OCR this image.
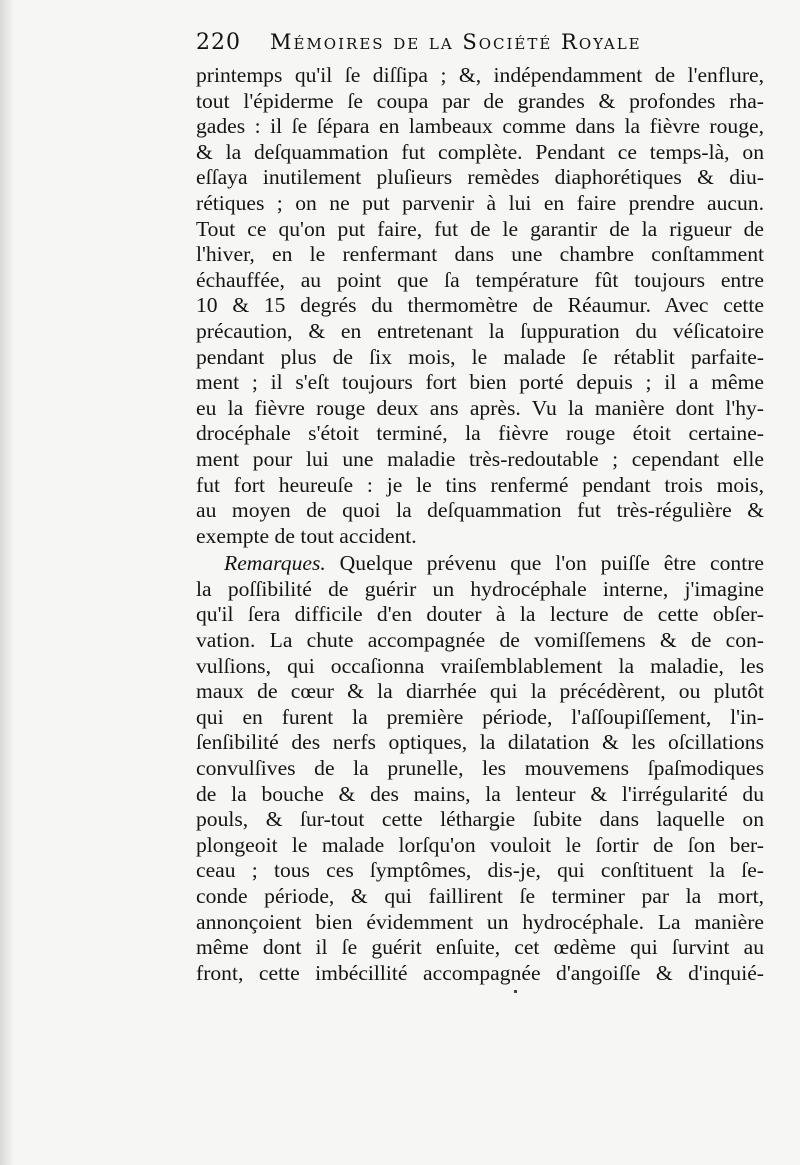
220 Mémoires de la Société Royale
printemps qu'il ſe diſſipa ; &, indépendamment de l'enflure,
tout l'épiderme ſe coupa par de grandes & profondes rha-
gades : il ſe ſépara en lambeaux comme dans la fièvre rouge,
& la deſquammation fut complète. Pendant ce temps-là, on
eſſaya inutilement pluſieurs remèdes diaphorétiques & diu-
rétiques ; on ne put parvenir à lui en faire prendre aucun.
Tout ce qu'on put faire, fut de le garantir de la rigueur de
l'hiver, en le renfermant dans une chambre conſtamment
échauffée, au point que ſa température fût toujours entre
10 & 15 degrés du thermomètre de Réaumur. Avec cette
précaution, & en entretenant la ſuppuration du véſicatoire
pendant plus de ſix mois, le malade ſe rétablit parfaite-
ment ; il s'eſt toujours fort bien porté depuis ; il a même
eu la fièvre rouge deux ans après. Vu la manière dont l'hy-
drocéphale s'étoit terminé, la fièvre rouge étoit certaine-
ment pour lui une maladie très-redoutable ; cependant elle
fut fort heureuſe : je le tins renfermé pendant trois mois,
au moyen de quoi la deſquammation fut très-régulière &
exempte de tout accident.
Remarques. Quelque prévenu que l'on puiſſe être contre
la poſſibilité de guérir un hydrocéphale interne, j'imagine
qu'il ſera difficile d'en douter à la lecture de cette obſer-
vation. La chute accompagnée de vomiſſemens & de con-
vulſions, qui occaſionna vraiſemblablement la maladie, les
maux de cœur & la diarrhée qui la précédèrent, ou plutôt
qui en furent la première période, l'aſſoupiſſement, l'in-
ſenſibilité des nerfs optiques, la dilatation & les oſcillations
convulſives de la prunelle, les mouvemens ſpaſmodiques
de la bouche & des mains, la lenteur & l'irrégularité du
pouls, & ſur-tout cette léthargie ſubite dans laquelle on
plongeoit le malade lorſqu'on vouloit le ſortir de ſon ber-
ceau ; tous ces ſymptômes, dis-je, qui conſtituent la ſe-
conde période, & qui faillirent ſe terminer par la mort,
annonçoient bien évidemment un hydrocéphale. La manière
même dont il ſe guérit enſuite, cet œdème qui ſurvint au
front, cette imbécillité accompagnée d'angoiſſe & d'inquié-
